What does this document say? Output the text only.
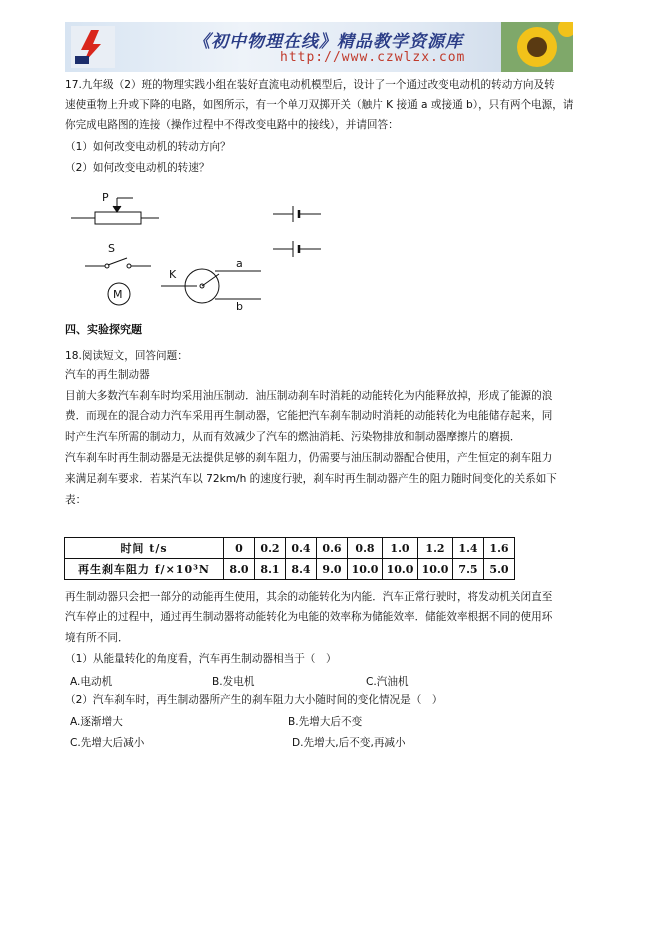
《初中物理在线》精品教学资源库
http://www.czwlzx.com
17.九年级（2）班的物理实践小组在装好直流电动机模型后，设计了一个通过改变电动机的转动方向及转
速使重物上升或下降的电路，如图所示，有一个单刀双掷开关（触片 K 接通 a 或接通 b），只有两个电源，请
你完成电路图的连接（操作过程中不得改变电路中的接线），并请回答：
（1）如何改变电动机的转动方向？
（2）如何改变电动机的转速？
P
S
M
K
a
b
四、实验探究题
18.阅读短文，回答问题：
汽车的再生制动器
目前大多数汽车刹车时均采用油压制动．油压制动刹车时消耗的动能转化为内能释放掉，形成了能源的浪
费．而现在的混合动力汽车采用再生制动器，它能把汽车刹车制动时消耗的动能转化为电能储存起来，同
时产生汽车所需的制动力，从而有效减少了汽车的燃油消耗、污染物排放和制动器摩擦片的磨损．
汽车刹车时再生制动器是无法提供足够的刹车阻力，仍需要与油压制动器配合使用，产生恒定的刹车阻力
来满足刹车要求．若某汽车以 72km/h 的速度行驶，刹车时再生制动器产生的阻力随时间变化的关系如下
表：
时间 t/s	0	0.2	0.4	0.6	0.8	1.0	1.2	1.4	1.6
再生刹车阻力 f/×10³N	8.0	8.1	8.4	9.0	10.0	10.0	10.0	7.5	5.0
再生制动器只会把一部分的动能再生使用，其余的动能转化为内能．汽车正常行驶时，将发动机关闭直至
汽车停止的过程中，通过再生制动器将动能转化为电能的效率称为储能效率．储能效率根据不同的使用环
境有所不同．
（1）从能量转化的角度看，汽车再生制动器相当于（　）
A.电动机	B.发电机	C.汽油机
（2）汽车刹车时，再生制动器所产生的刹车阻力大小随时间的变化情况是（　）
A.逐渐增大	B.先增大后不变
C.先增大后减小	D.先增大,后不变,再减小
